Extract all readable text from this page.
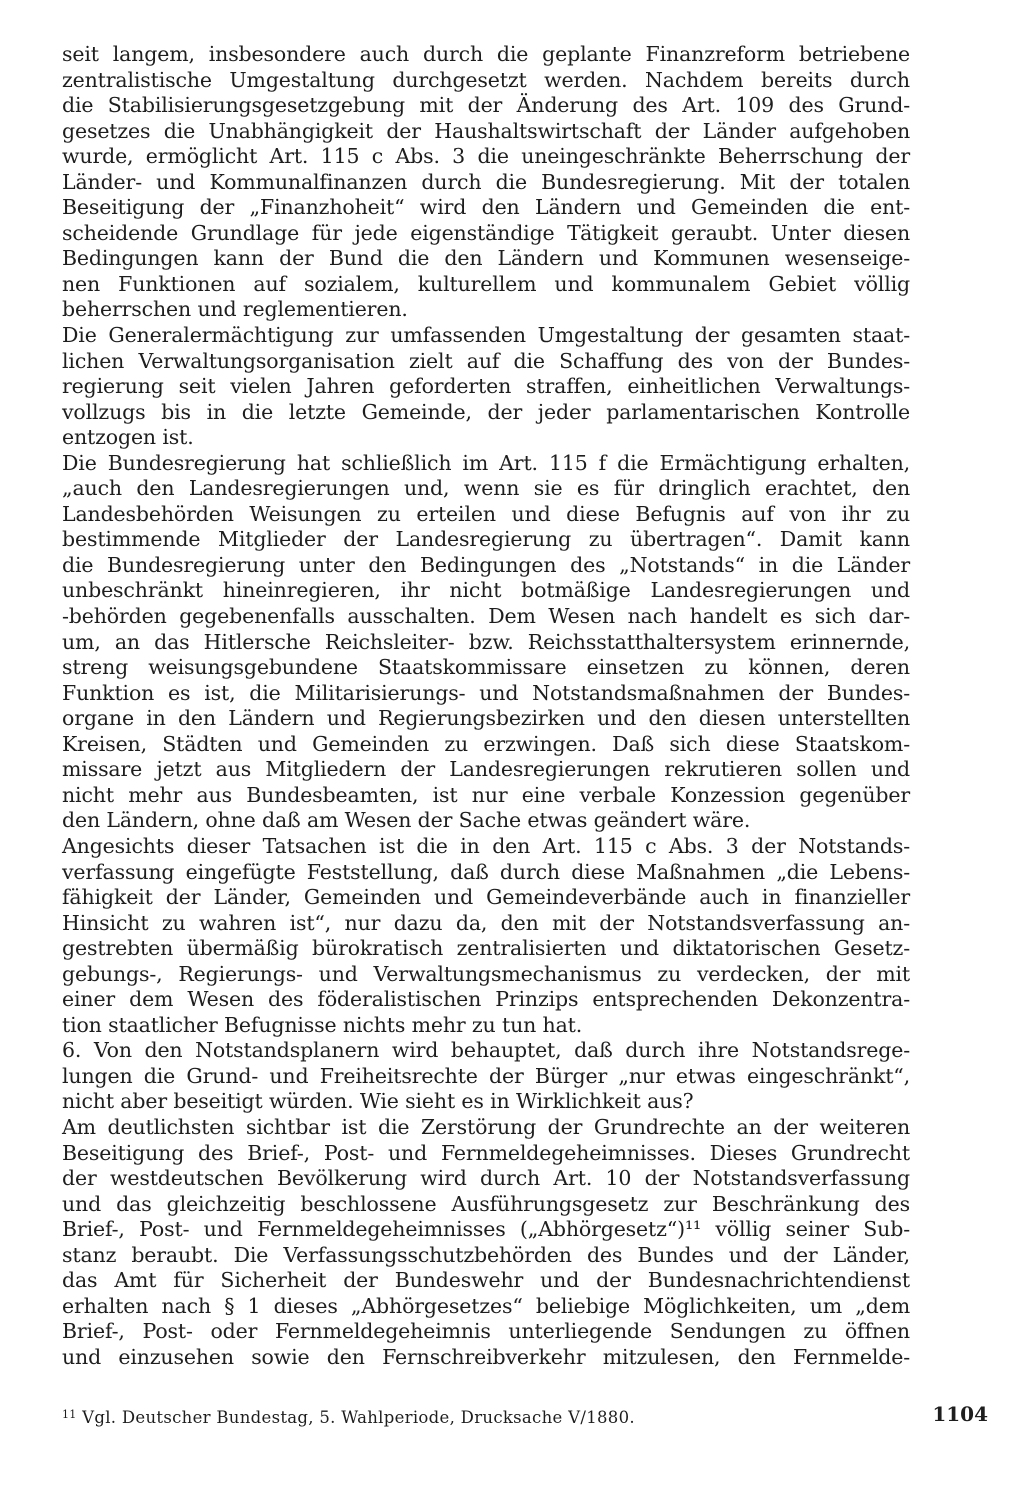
seit langem, insbesondere auch durch die geplante Finanzreform betriebene
zentralistische Umgestaltung durchgesetzt werden. Nachdem bereits durch
die Stabilisierungsgesetzgebung mit der Änderung des Art. 109 des Grund-
gesetzes die Unabhängigkeit der Haushaltswirtschaft der Länder aufgehoben
wurde, ermöglicht Art. 115 c Abs. 3 die uneingeschränkte Beherrschung der
Länder- und Kommunalfinanzen durch die Bundesregierung. Mit der totalen
Beseitigung der „Finanzhoheit“ wird den Ländern und Gemeinden die ent-
scheidende Grundlage für jede eigenständige Tätigkeit geraubt. Unter diesen
Bedingungen kann der Bund die den Ländern und Kommunen wesenseige-
nen Funktionen auf sozialem, kulturellem und kommunalem Gebiet völlig
beherrschen und reglementieren.
Die Generalermächtigung zur umfassenden Umgestaltung der gesamten staat-
lichen Verwaltungsorganisation zielt auf die Schaffung des von der Bundes-
regierung seit vielen Jahren geforderten straffen, einheitlichen Verwaltungs-
vollzugs bis in die letzte Gemeinde, der jeder parlamentarischen Kontrolle
entzogen ist.
Die Bundesregierung hat schließlich im Art. 115 f die Ermächtigung erhalten,
„auch den Landesregierungen und, wenn sie es für dringlich erachtet, den
Landesbehörden Weisungen zu erteilen und diese Befugnis auf von ihr zu
bestimmende Mitglieder der Landesregierung zu übertragen“. Damit kann
die Bundesregierung unter den Bedingungen des „Notstands“ in die Länder
unbeschränkt hineinregieren, ihr nicht botmäßige Landesregierungen und
-behörden gegebenenfalls ausschalten. Dem Wesen nach handelt es sich dar-
um, an das Hitlersche Reichsleiter- bzw. Reichsstatthaltersystem erinnernde,
streng weisungsgebundene Staatskommissare einsetzen zu können, deren
Funktion es ist, die Militarisierungs- und Notstandsmaßnahmen der Bundes-
organe in den Ländern und Regierungsbezirken und den diesen unterstellten
Kreisen, Städten und Gemeinden zu erzwingen. Daß sich diese Staatskom-
missare jetzt aus Mitgliedern der Landesregierungen rekrutieren sollen und
nicht mehr aus Bundesbeamten, ist nur eine verbale Konzession gegenüber
den Ländern, ohne daß am Wesen der Sache etwas geändert wäre.
Angesichts dieser Tatsachen ist die in den Art. 115 c Abs. 3 der Notstands-
verfassung eingefügte Feststellung, daß durch diese Maßnahmen „die Lebens-
fähigkeit der Länder, Gemeinden und Gemeindeverbände auch in finanzieller
Hinsicht zu wahren ist“, nur dazu da, den mit der Notstandsverfassung an-
gestrebten übermäßig bürokratisch zentralisierten und diktatorischen Gesetz-
gebungs-, Regierungs- und Verwaltungsmechanismus zu verdecken, der mit
einer dem Wesen des föderalistischen Prinzips entsprechenden Dekonzentra-
tion staatlicher Befugnisse nichts mehr zu tun hat.
6. Von den Notstandsplanern wird behauptet, daß durch ihre Notstandsrege-
lungen die Grund- und Freiheitsrechte der Bürger „nur etwas eingeschränkt“,
nicht aber beseitigt würden. Wie sieht es in Wirklichkeit aus?
Am deutlichsten sichtbar ist die Zerstörung der Grundrechte an der weiteren
Beseitigung des Brief-, Post- und Fernmeldegeheimnisses. Dieses Grundrecht
der westdeutschen Bevölkerung wird durch Art. 10 der Notstandsverfassung
und das gleichzeitig beschlossene Ausführungsgesetz zur Beschränkung des
Brief-, Post- und Fernmeldegeheimnisses („Abhörgesetz“)¹¹ völlig seiner Sub-
stanz beraubt. Die Verfassungsschutzbehörden des Bundes und der Länder,
das Amt für Sicherheit der Bundeswehr und der Bundesnachrichtendienst
erhalten nach § 1 dieses „Abhörgesetzes“ beliebige Möglichkeiten, um „dem
Brief-, Post- oder Fernmeldegeheimnis unterliegende Sendungen zu öffnen
und einzusehen sowie den Fernschreibverkehr mitzulesen, den Fernmelde-
$^{11}$ Vgl. Deutscher Bundestag, 5. Wahlperiode, Drucksache V/1880.	1104
